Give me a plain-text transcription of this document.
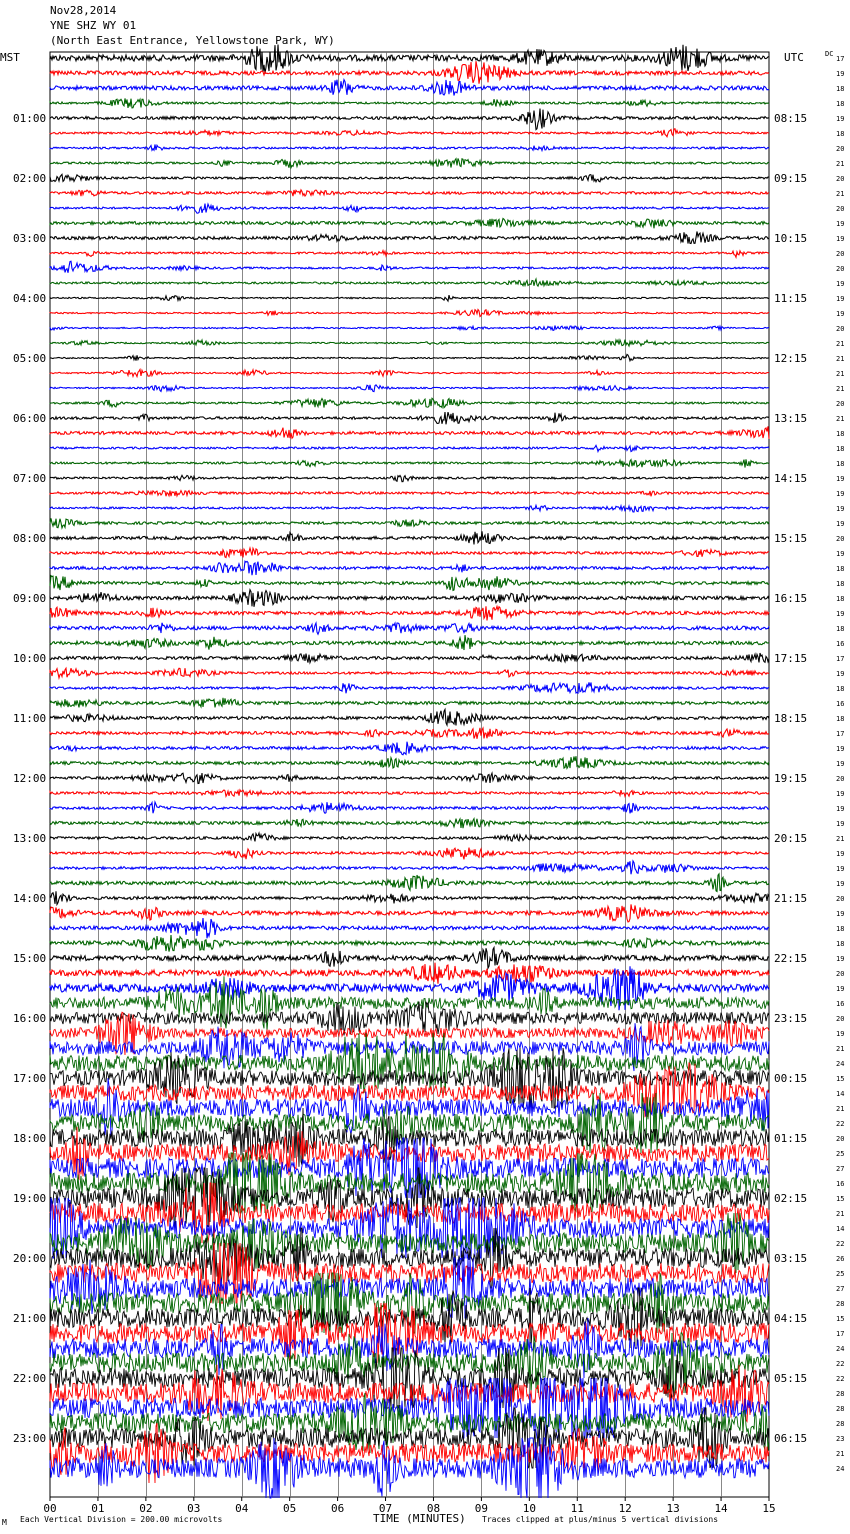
Nov28,2014
YNE SHZ WY 01
(North East Entrance, Yellowstone Park, WY)
MST	UTC	DC
01:00
02:00
03:00
04:00
05:00
06:00
07:00
08:00
09:00
10:00
11:00
12:00
13:00
14:00
15:00
16:00
17:00
18:00
19:00
20:00
21:00
22:00
23:00
08:15
09:15
10:15
11:15
12:15
13:15
14:15
15:15
16:15
17:15
18:15
19:15
20:15
21:15
22:15
23:15
00:15
01:15
02:15
03:15
04:15
05:15
06:15
17
19
18
18
19
18
20
21
20
21
20
19
19
20
20
19
19
19
20
21
21
21
21
20
21
18
18
18
19
19
19
19
20
19
18
18
18
19
18
16
17
19
18
16
18
17
19
19
20
19
19
19
21
19
19
19
20
19
18
18
19
20
19
16
20
19
21
24
15
14
21
22
20
25
27
16
15
21
14
22
26
25
27
28
15
17
24
22
22
28
28
28
23
21
24
00	01	02	03	04	05	06	07	08	09	10	11	12	13	14	15
TIME (MINUTES)
M Each Vertical Division = 200.00 microvolts	Traces clipped at plus/minus 5 vertical divisions
